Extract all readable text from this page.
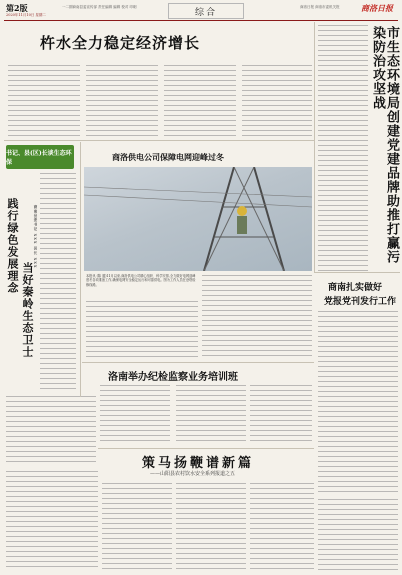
第2版
2020年11月10日 星期二
一二期商南县委宣传部 责任编辑 编辑 校对 印刷
综合
商洛日报 商洛市委机关报	商洛日报
杵水全力稳定经济增长	市生态环境局创建党建品牌助推打赢污染防治攻坚战
书记、县(区)长谈生态环保
践行绿色发展理念
当好秦岭生态卫士
商南县委书记 XXX 县长 XXX
商洛供电公司保障电网迎峰过冬
本报讯 (陈 通)11月以来,商洛供电公司精心组织、科学安排,全力做好电网迎峰度冬各项准备工作,确保电网安全稳定运行和可靠供电。图为工作人员在登塔检修线路。	商南扎实做好
党报党刊发行工作
洛南举办纪检监察业务培训班
策马扬鞭谱新篇
——山阳县农村饮水安全系列报道之五
